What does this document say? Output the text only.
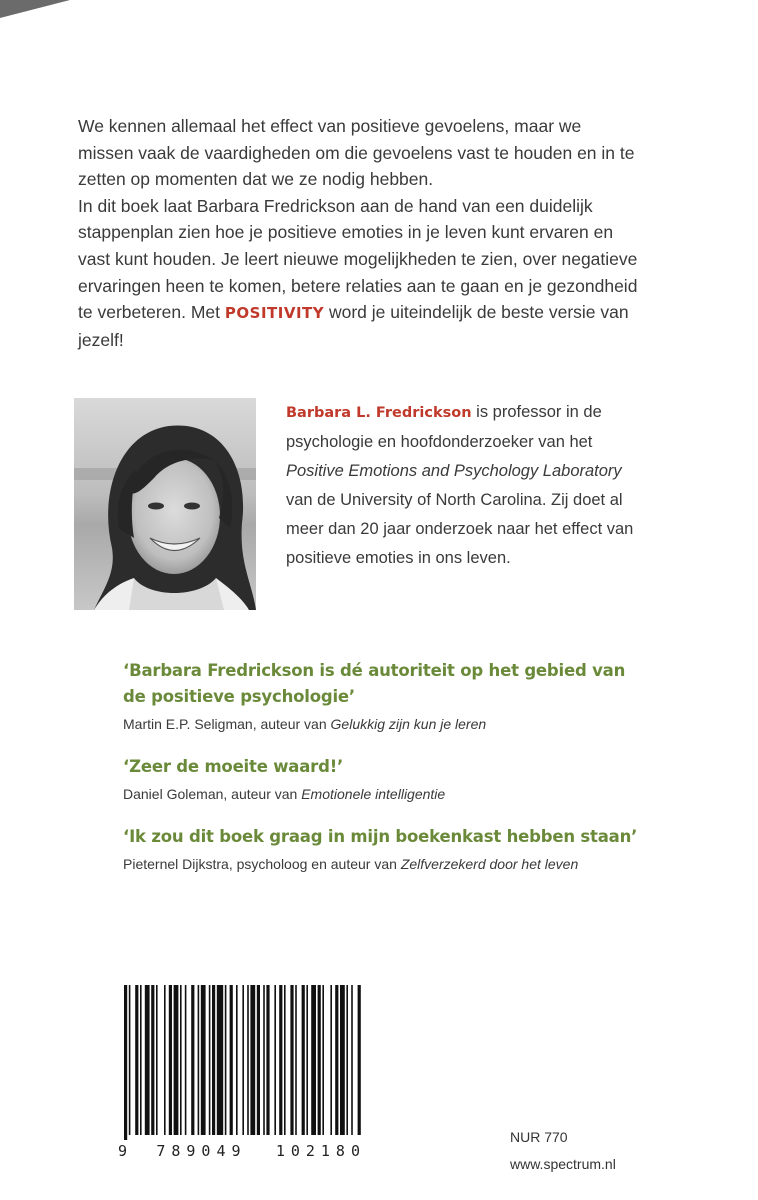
We kennen allemaal het effect van positieve gevoelens, maar we missen vaak de vaardigheden om die gevoelens vast te houden en in te zetten op momenten dat we ze nodig hebben.

In dit boek laat Barbara Fredrickson aan de hand van een duidelijk stappenplan zien hoe je positieve emoties in je leven kunt ervaren en vast kunt houden. Je leert nieuwe mogelijkheden te zien, over negatieve ervaringen heen te komen, betere relaties aan te gaan en je gezondheid te verbeteren. Met POSITIVITY word je uiteindelijk de beste versie van jezelf!

Barbara L. Fredrickson is professor in de psychologie en hoofdonderzoeker van het Positive Emotions and Psychology Laboratory van de University of North Carolina. Zij doet al meer dan 20 jaar onderzoek naar het effect van positieve emoties in ons leven.

‘Barbara Fredrickson is dé autoriteit op het gebied van de positieve psychologie’

Martin E.P. Seligman, auteur van Gelukkig zijn kun je leren

‘Zeer de moeite waard!’

Daniel Goleman, auteur van Emotionele intelligentie

‘Ik zou dit boek graag in mijn boekenkast hebben staan’

Pieternel Dijkstra, psycholoog en auteur van Zelfverzekerd door het leven

9 789049 102180
NUR 770
www.spectrum.nl
